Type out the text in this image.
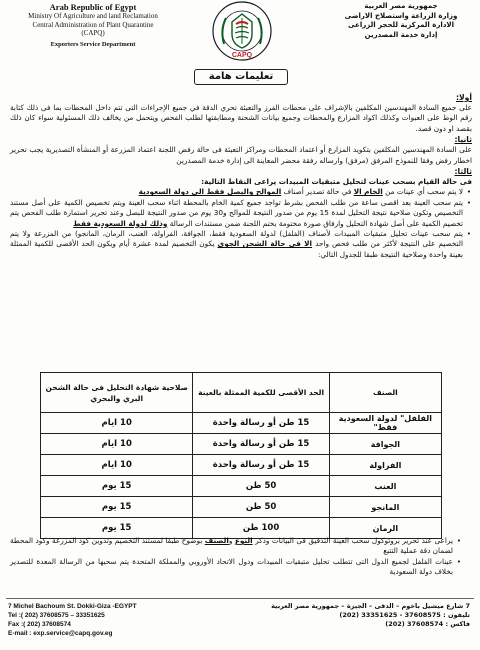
Arab Republic of Egypt
Ministry Of Agriculture and land Reclamation
Central Administration of Plant Quarantine
(CAPQ)
Exporters Service Department
CAPQ
جمهورية مصر العربية
وزارة الزراعة واستصلاح الاراضى
الادارة المركزية للحجر الزراعى
إدارة خدمة المصدرين
تعليمات هامة
أولا:
على جميع السادة المهندسين المكلفين بالإشراف على محطات الفرز والتعبئة تحري الدقة في جميع الإجراءات التى تتم داخل المحطات بما فى ذلك كتابة رقم الوط على العبوات وكذلك اكواد المزارع والمحطات وجميع بيانات الشحنة ومطابقتها لطلب الفحص ويتحمل من يخالف ذلك المسئولية سواء كان ذلك بقصد او دون قصد.
ثانيا:
على السادة المهندسين المكلفين بتكويد المزارع أو اعتماد المحطات ومراكز التعبئة فى حالة رفض اللجنة اعتماد المزرعة أو المنشأة التصديرية يجب تحرير اخطار رفض وفقا للنموذج المرفق (مرفق) وارساله رفقة محضر المعاينة الى إدارة خدمة المصدرين
ثالثا:
فى حالة القيام بسحب عينات لتحليل متبقيات المبيدات يراعى النقاط التالية:
• لا يتم سحب أي عينات من الخام الا في حالة تصدير أصناف الموالح والبصل فقط الى دولة السعودية
• يتم سحب العينة بعد اقصى ساعة من طلب الفحص بشرط تواجد جميع كمية الخام بالمحطة اثناء سحب العينة ويتم تخصيص الكمية على أصل مستند التخصيص وتكون صلاحية نتيجة التحليل لمدة 15 يوم من صدور النتيجة للموالح و30 يوم من صدور النتيجة للبصل وعند تحرير استمارة طلب الفحص يتم تخصيم الكمية على أصل شهادة التحليل وارفاق صورة مختومة بختم اللجنة ضمن مستندات الرسالة وذلك لدولة السعودية فقط
• يتم سحب عينات تحليل متبقيات المبيدات لأصناف (الفلفل) لدولة السعودية فقط، الجوافة، الفراولة، العنب، الرمان، المانجو) من المزرعة ولا يتم التخصيم على النتيجة لأكثر من طلب فحص واحد الا في حالة الشحن الجوي يكون التخصيم لمدة عشرة أيام ويكون الحد الأقصى للكمية الممثلة بعينة واحدة وصلاحية النتيجة طبقا للجدول التالي:
الصنف	الحد الأقصى للكمية الممثلة بالعينة	صلاحية شهادة التحليل فى حالة الشحن البري والبحري
الفلفل" لدولة السعودية فقط"	15 طن أو رسالة واحدة	10 ايام
الجوافة	15 طن أو رسالة واحدة	10 ايام
الفراولة	15 طن أو رسالة واحدة	10 ايام
العنب	50 طن	15 يوم
المانجو	50 طن	15 يوم
الرمان	100 طن	15 يوم
• يراعى عند تحرير بروتوكول سحب العينة التدقيق فى البيانات وذكر النوع والصنف بوضوح طبقا لمستند التخصيم وتدوين كود المزرعة وكود المحطة لضمان دقة عملية التتبع
• عينات الفلفل لجميع الدول التى تتطلب تحليل متبقيات المبيدات ودول الاتحاد الأوروبي والمملكة المتحدة يتم سحبها من الرسالة المعدة للتصدير بخلاف دولة السعودية
7 Michel Bachoum St. Dokki-Giza -EGYPT
Tel :( 202) 37608575 – 33351625
Fax :( 202) 37608574
E-mail : exp.service@capq.gov.eg
7 شارع ميشيل باخوم – الدقى – الجيزة – جمهورية مصر العربية
تليفون : 37608575 - 33351625 (202)
فاكس : 37608574 (202)
